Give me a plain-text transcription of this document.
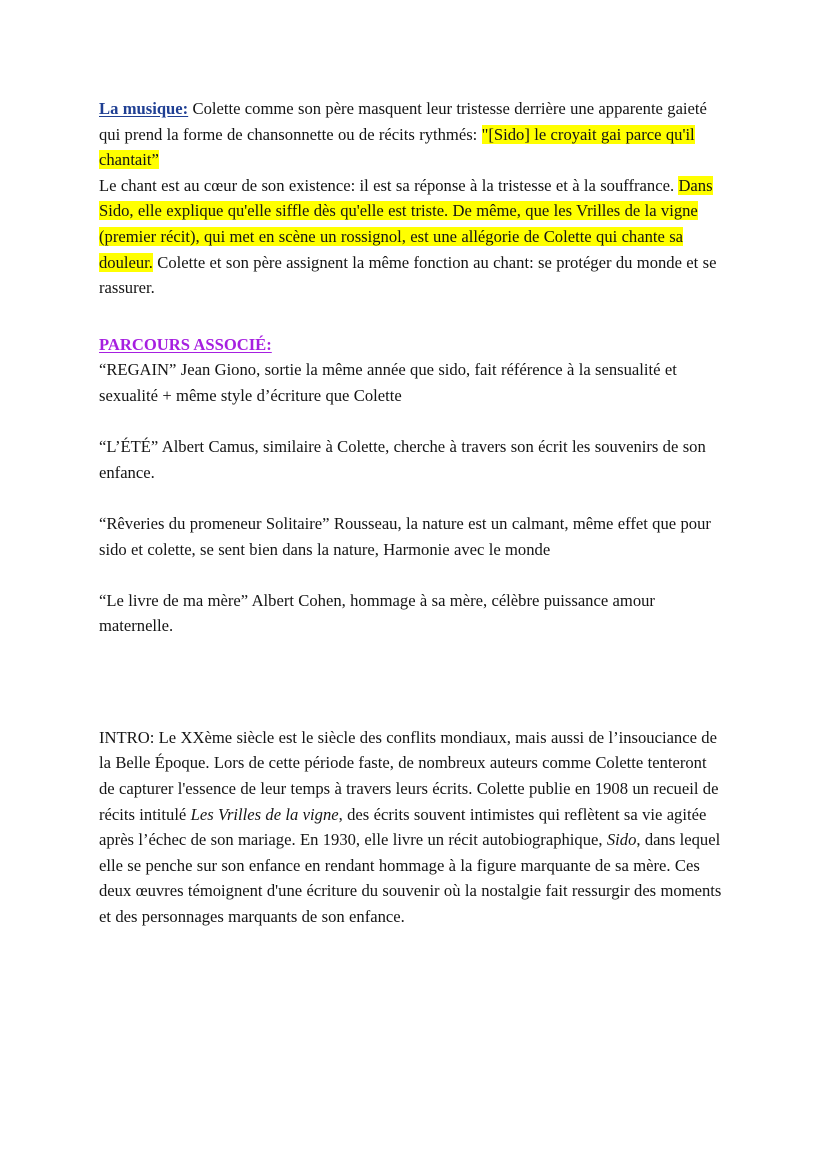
La musique: Colette comme son père masquent leur tristesse derrière une apparente gaieté qui prend la forme de chansonnette ou de récits rythmés: "[Sido] le croyait gai parce qu'il chantait”

Le chant est au cœur de son existence: il est sa réponse à la tristesse et à la souffrance. Dans Sido, elle explique qu'elle siffle dès qu'elle est triste. De même, que les Vrilles de la vigne (premier récit), qui met en scène un rossignol, est une allégorie de Colette qui chante sa douleur. Colette et son père assignent la même fonction au chant: se protéger du monde et se rassurer.

PARCOURS ASSOCIÉ:

“REGAIN” Jean Giono, sortie la même année que sido, fait référence à la sensualité et sexualité + même style d’écriture que Colette

“L’ÉTÉ” Albert Camus, similaire à Colette, cherche à travers son écrit les souvenirs de son enfance.

“Rêveries du promeneur Solitaire” Rousseau, la nature est un calmant, même effet que pour sido et colette, se sent bien dans la nature, Harmonie avec le monde

“Le livre de ma mère” Albert Cohen, hommage à sa mère, célèbre puissance amour maternelle.

INTRO: Le XXème siècle est le siècle des conflits mondiaux, mais aussi de l’insouciance de la Belle Époque. Lors de cette période faste, de nombreux auteurs comme Colette tenteront de capturer l'essence de leur temps à travers leurs écrits. Colette publie en 1908 un recueil de récits intitulé Les Vrilles de la vigne, des écrits souvent intimistes qui reflètent sa vie agitée après l’échec de son mariage. En 1930, elle livre un récit autobiographique, Sido, dans lequel elle se penche sur son enfance en rendant hommage à la figure marquante de sa mère. Ces deux œuvres témoignent d'une écriture du souvenir où la nostalgie fait ressurgir des moments et des personnages marquants de son enfance.
